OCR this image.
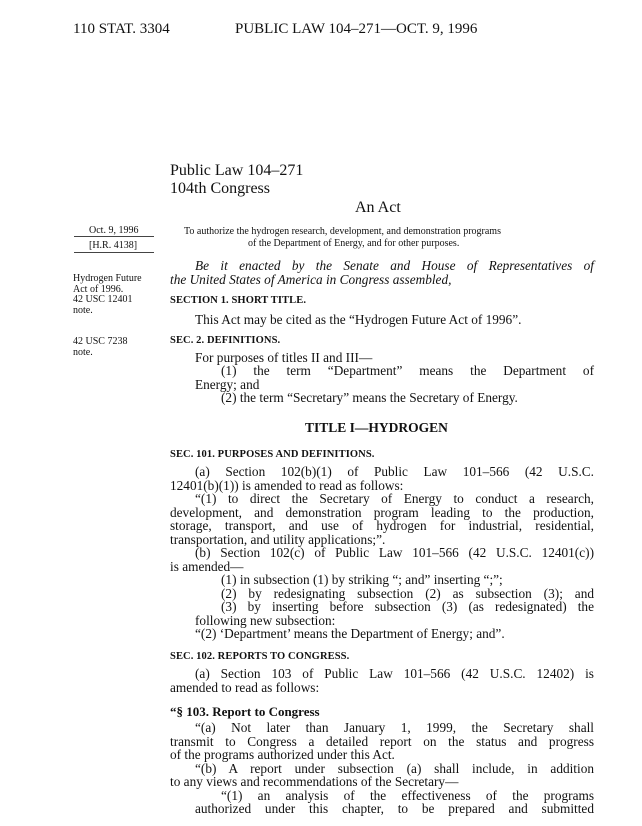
110 STAT. 3304	PUBLIC LAW 104–271—OCT. 9, 1996
Public Law 104–271
104th Congress
An Act
Oct. 9, 1996
[H.R. 4138]
To authorize the hydrogen research, development, and demonstration programs
of the Department of Energy, and for other purposes.
Be it enacted by the Senate and House of Representatives of
the United States of America in Congress assembled,
Hydrogen Future
Act of 1996.
42 USC 12401
note.
42 USC 7238
note.
SECTION 1. SHORT TITLE.
This Act may be cited as the “Hydrogen Future Act of 1996”.
SEC. 2. DEFINITIONS.
For purposes of titles II and III—
(1) the term “Department” means the Department of
Energy; and
(2) the term “Secretary” means the Secretary of Energy.
TITLE I—HYDROGEN
SEC. 101. PURPOSES AND DEFINITIONS.
(a) Section 102(b)(1) of Public Law 101–566 (42 U.S.C.
12401(b)(1)) is amended to read as follows:
“(1) to direct the Secretary of Energy to conduct a research,
development, and demonstration program leading to the production,
storage, transport, and use of hydrogen for industrial, residential,
transportation, and utility applications;”.
(b) Section 102(c) of Public Law 101–566 (42 U.S.C. 12401(c))
is amended—
(1) in subsection (1) by striking “; and” inserting “;”;
(2) by redesignating subsection (2) as subsection (3); and
(3) by inserting before subsection (3) (as redesignated) the
following new subsection:
“(2) ‘Department’ means the Department of Energy; and”.
SEC. 102. REPORTS TO CONGRESS.
(a) Section 103 of Public Law 101–566 (42 U.S.C. 12402) is
amended to read as follows:
“§ 103. Report to Congress
“(a) Not later than January 1, 1999, the Secretary shall
transmit to Congress a detailed report on the status and progress
of the programs authorized under this Act.
“(b) A report under subsection (a) shall include, in addition
to any views and recommendations of the Secretary—
“(1) an analysis of the effectiveness of the programs
authorized under this chapter, to be prepared and submitted
